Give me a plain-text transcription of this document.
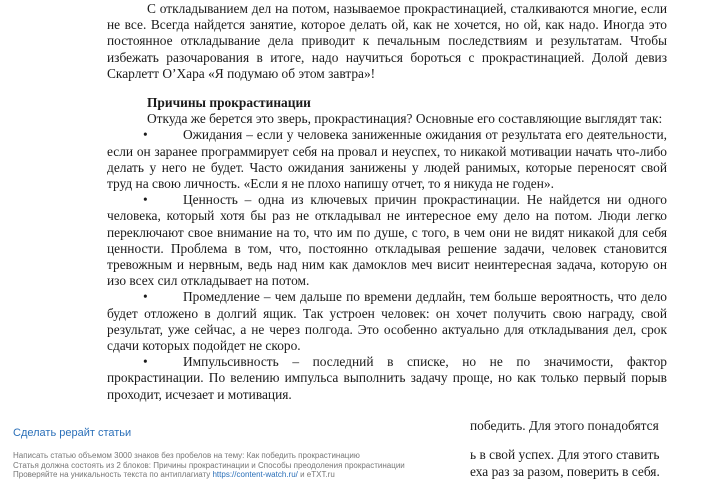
С откладыванием дел на потом, называемое прокрастинацией, сталкиваются многие, если не все. Всегда найдется занятие, которое делать ой, как не хочется, но ой, как надо. Иногда это постоянное откладывание дела приводит к печальным последствиям и результатам. Чтобы избежать разочарования в итоге, надо научиться бороться с прокрастинацией. Долой девиз Скарлетт О’Хара «Я подумаю об этом завтра»!

Причины прокрастинации

Откуда же берется это зверь, прокрастинация? Основные его составляющие выглядят так:

•Ожидания – если у человека заниженные ожидания от результата его деятельности, если он заранее программирует себя на провал и неуспех, то никакой мотивации начать что-либо делать у него не будет. Часто ожидания занижены у людей ранимых, которые переносят свой труд на свою личность. «Если я не плохо напишу отчет, то я никуда не годен».

•Ценность – одна из ключевых причин прокрастинации. Не найдется ни одного человека, который хотя бы раз не откладывал не интересное ему дело на потом. Люди легко переключают свое внимание на то, что им по душе, с того, в чем они не видят никакой для себя ценности. Проблема в том, что, постоянно откладывая решение задачи, человек становится тревожным и нервным, ведь над ним как дамоклов меч висит неинтересная задача, которую он изо всех сил откладывает на потом.

•Промедление – чем дальше по времени дедлайн, тем больше вероятность, что дело будет отложено в долгий ящик. Так устроен человек: он хочет получить свою награду, свой результат, уже сейчас, а не через полгода. Это особенно актуально для откладывания дел, срок сдачи которых подойдет не скоро.

•Импульсивность – последний в списке, но не по значимости, фактор прокрастинации. По велению импульса выполнить задачу проще, но как только первый порыв проходит, исчезает и мотивация.

победить. Для этого понадобятся
ь в свой успех. Для этого ставить
еха раз за разом, поверить в себя.
Сделать рерайт статьи
Написать статью объемом 3000 знаков без пробелов на тему: Как победить прокрастинацию
Статья должна состоять из 2 блоков: Причины прокрастинации и Способы преодоления прокрастинации
Проверяйте на уникальность текста по антиплагиату https://content-watch.ru/ и eTXT.ru
